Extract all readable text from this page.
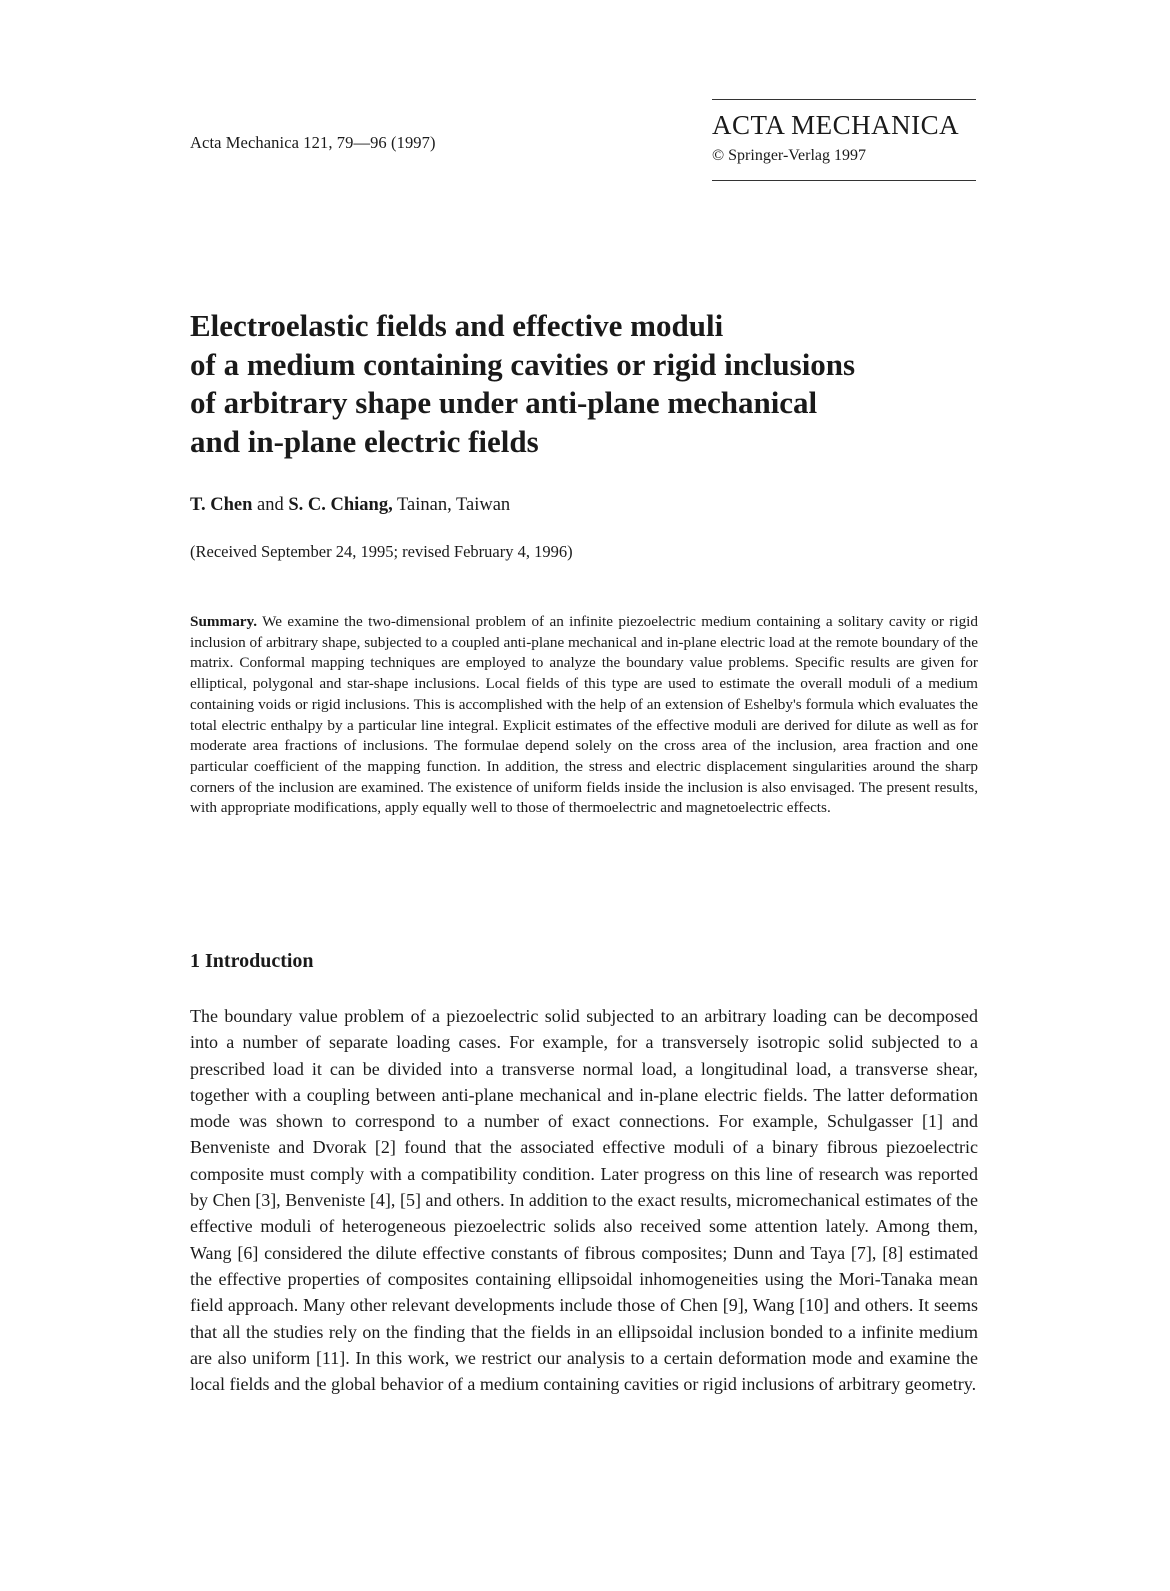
Acta Mechanica 121, 79—96 (1997)
ACTA MECHANICA
© Springer-Verlag 1997
Electroelastic fields and effective moduli
of a medium containing cavities or rigid inclusions
of arbitrary shape under anti-plane mechanical
and in-plane electric fields
T. Chen and S. C. Chiang, Tainan, Taiwan
(Received September 24, 1995; revised February 4, 1996)

Summary. We examine the two-dimensional problem of an infinite piezoelectric medium containing a solitary cavity or rigid inclusion of arbitrary shape, subjected to a coupled anti-plane mechanical and in-plane electric load at the remote boundary of the matrix. Conformal mapping techniques are employed to analyze the boundary value problems. Specific results are given for elliptical, polygonal and star-shape inclusions. Local fields of this type are used to estimate the overall moduli of a medium containing voids or rigid inclusions. This is accomplished with the help of an extension of Eshelby's formula which evaluates the total electric enthalpy by a particular line integral. Explicit estimates of the effective moduli are derived for dilute as well as for moderate area fractions of inclusions. The formulae depend solely on the cross area of the inclusion, area fraction and one particular coefficient of the mapping function. In addition, the stress and electric displacement singularities around the sharp corners of the inclusion are examined. The existence of uniform fields inside the inclusion is also envisaged. The present results, with appropriate modifications, apply equally well to those of thermoelectric and magnetoelectric effects.

1 Introduction

The boundary value problem of a piezoelectric solid subjected to an arbitrary loading can be decomposed into a number of separate loading cases. For example, for a transversely isotropic solid subjected to a prescribed load it can be divided into a transverse normal load, a longitudinal load, a transverse shear, together with a coupling between anti-plane mechanical and in-plane electric fields. The latter deformation mode was shown to correspond to a number of exact connections. For example, Schulgasser [1] and Benveniste and Dvorak [2] found that the associated effective moduli of a binary fibrous piezoelectric composite must comply with a compatibility condition. Later progress on this line of research was reported by Chen [3], Benveniste [4], [5] and others. In addition to the exact results, micromechanical estimates of the effective moduli of heterogeneous piezoelectric solids also received some attention lately. Among them, Wang [6] considered the dilute effective constants of fibrous composites; Dunn and Taya [7], [8] estimated the effective properties of composites containing ellipsoidal inhomogeneities using the Mori-Tanaka mean field approach. Many other relevant developments include those of Chen [9], Wang [10] and others. It seems that all the studies rely on the finding that the fields in an ellipsoidal inclusion bonded to a infinite medium are also uniform [11]. In this work, we restrict our analysis to a certain deformation mode and examine the local fields and the global behavior of a medium containing cavities or rigid inclusions of arbitrary geometry.
